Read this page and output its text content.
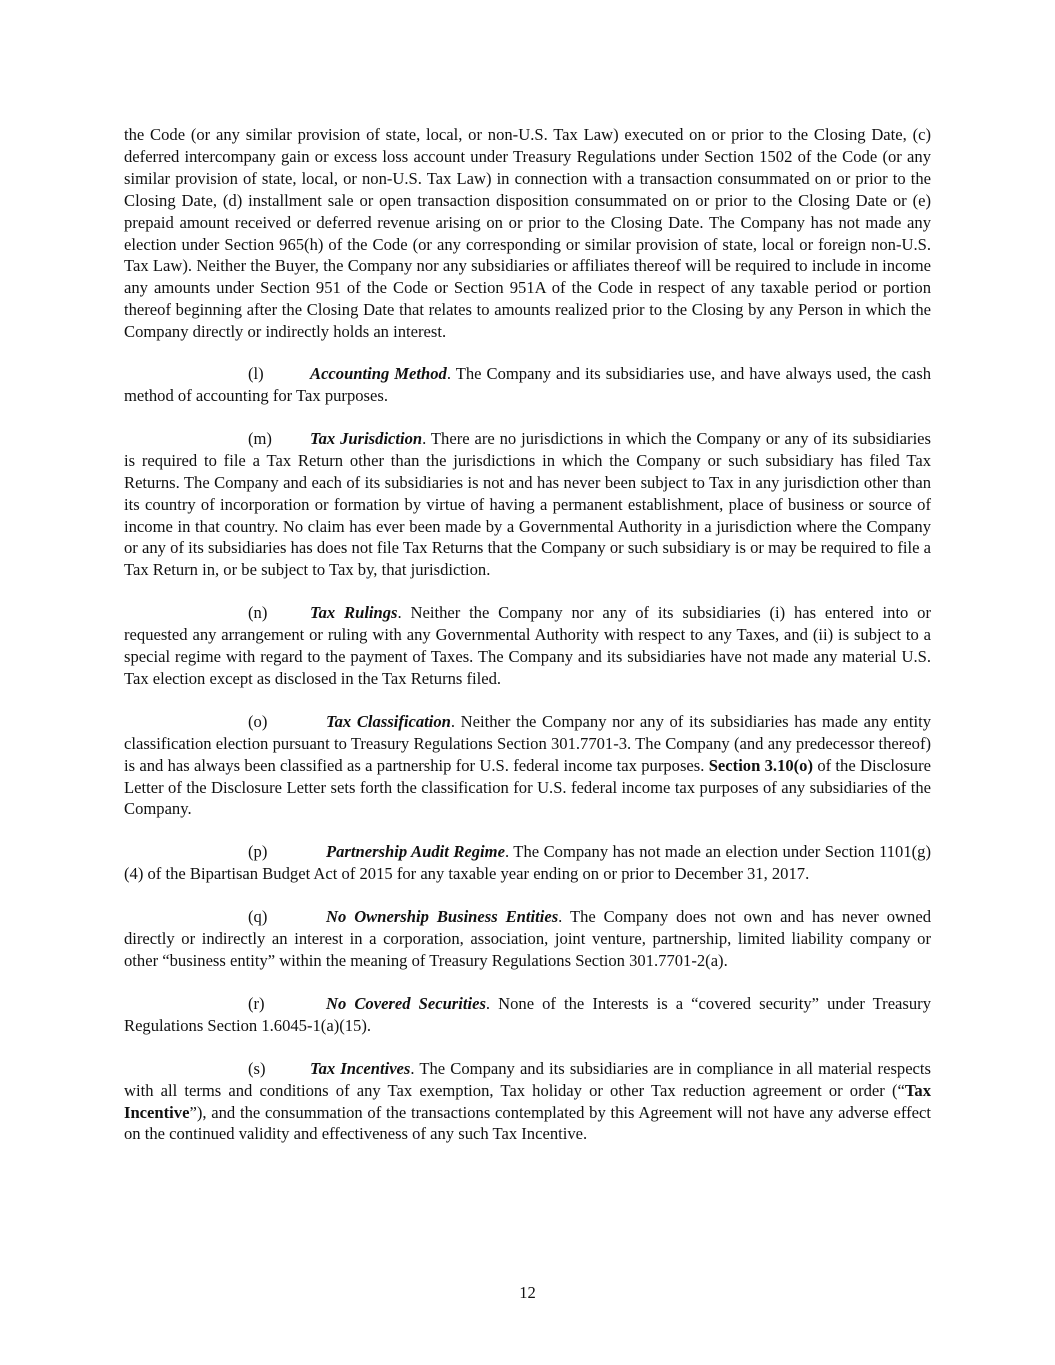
the Code (or any similar provision of state, local, or non-U.S. Tax Law) executed on or prior to the Closing Date, (c) deferred intercompany gain or excess loss account under Treasury Regulations under Section 1502 of the Code (or any similar provision of state, local, or non-U.S. Tax Law) in connection with a transaction consummated on or prior to the Closing Date, (d) installment sale or open transaction disposition consummated on or prior to the Closing Date or (e) prepaid amount received or deferred revenue arising on or prior to the Closing Date. The Company has not made any election under Section 965(h) of the Code (or any corresponding or similar provision of state, local or foreign non-U.S. Tax Law). Neither the Buyer, the Company nor any subsidiaries or affiliates thereof will be required to include in income any amounts under Section 951 of the Code or Section 951A of the Code in respect of any taxable period or portion thereof beginning after the Closing Date that relates to amounts realized prior to the Closing by any Person in which the Company directly or indirectly holds an interest.

(l)	Accounting Method. The Company and its subsidiaries use, and have always used, the cash method of accounting for Tax purposes.

(m) Tax Jurisdiction. There are no jurisdictions in which the Company or any of its subsidiaries is required to file a Tax Return other than the jurisdictions in which the Company or such subsidiary has filed Tax Returns. The Company and each of its subsidiaries is not and has never been subject to Tax in any jurisdiction other than its country of incorporation or formation by virtue of having a permanent establishment, place of business or source of income in that country. No claim has ever been made by a Governmental Authority in a jurisdiction where the Company or any of its subsidiaries has does not file Tax Returns that the Company or such subsidiary is or may be required to file a Tax Return in, or be subject to Tax by, that jurisdiction.

(n)	Tax Rulings. Neither the Company nor any of its subsidiaries (i) has entered into or requested any arrangement or ruling with any Governmental Authority with respect to any Taxes, and (ii) is subject to a special regime with regard to the payment of Taxes. The Company and its subsidiaries have not made any material U.S. Tax election except as disclosed in the Tax Returns filed.

(o)	Tax Classification. Neither the Company nor any of its subsidiaries has made any entity classification election pursuant to Treasury Regulations Section 301.7701-3. The Company (and any predecessor thereof) is and has always been classified as a partnership for U.S. federal income tax purposes. Section 3.10(o) of the Disclosure Letter of the Disclosure Letter sets forth the classification for U.S. federal income tax purposes of any subsidiaries of the Company.

(p)	Partnership Audit Regime. The Company has not made an election under Section 1101(g)(4) of the Bipartisan Budget Act of 2015 for any taxable year ending on or prior to December 31, 2017.

(q)	No Ownership Business Entities. The Company does not own and has never owned directly or indirectly an interest in a corporation, association, joint venture, partnership, limited liability company or other “business entity” within the meaning of Treasury Regulations Section 301.7701-2(a).

(r)	No Covered Securities. None of the Interests is a “covered security” under Treasury Regulations Section 1.6045-1(a)(15).

(s)	Tax Incentives. The Company and its subsidiaries are in compliance in all material respects with all terms and conditions of any Tax exemption, Tax holiday or other Tax reduction agreement or order (“Tax Incentive”), and the consummation of the transactions contemplated by this Agreement will not have any adverse effect on the continued validity and effectiveness of any such Tax Incentive.

12
